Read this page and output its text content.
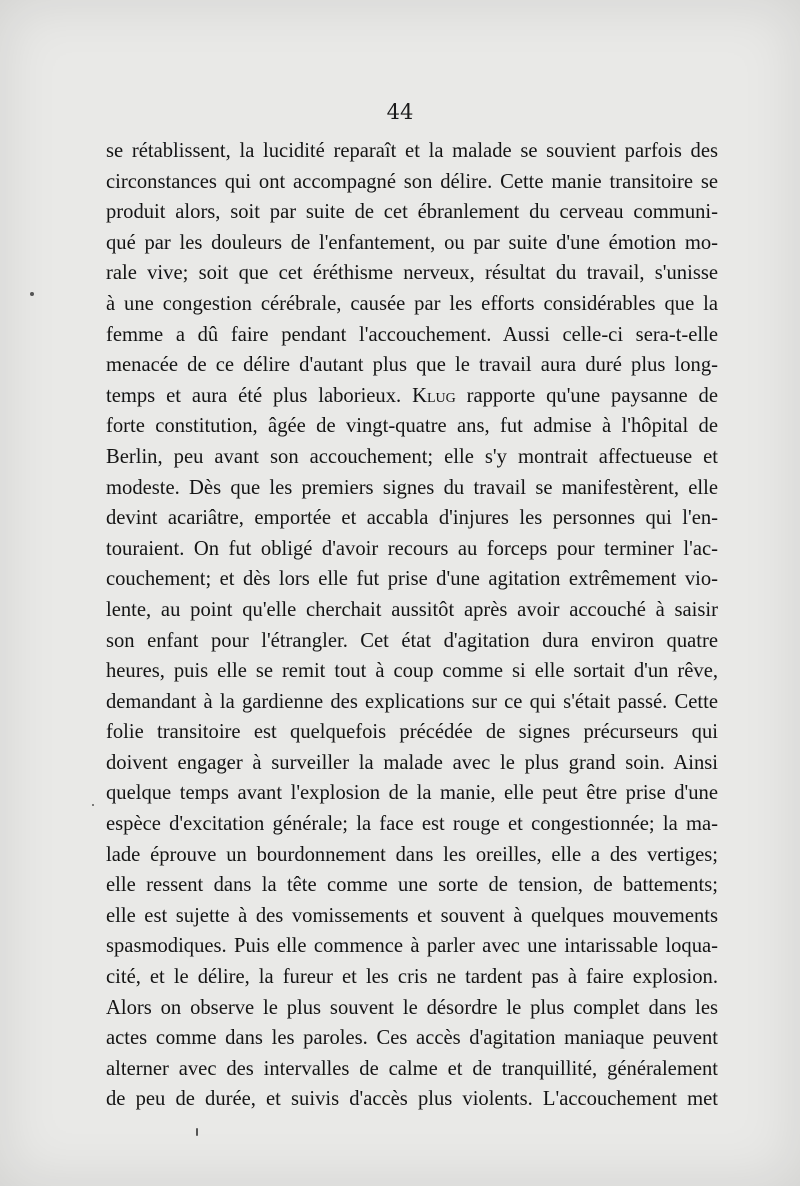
44
se rétablissent, la lucidité reparaît et la malade se souvient parfois des
circonstances qui ont accompagné son délire. Cette manie transitoire se
produit alors, soit par suite de cet ébranlement du cerveau communi-
qué par les douleurs de l'enfantement, ou par suite d'une émotion mo-
rale vive; soit que cet éréthisme nerveux, résultat du travail, s'unisse
à une congestion cérébrale, causée par les efforts considérables que la
femme a dû faire pendant l'accouchement. Aussi celle-ci sera-t-elle
menacée de ce délire d'autant plus que le travail aura duré plus long-
temps et aura été plus laborieux. Klug rapporte qu'une paysanne de
forte constitution, âgée de vingt-quatre ans, fut admise à l'hôpital de
Berlin, peu avant son accouchement; elle s'y montrait affectueuse et
modeste. Dès que les premiers signes du travail se manifestèrent, elle
devint acariâtre, emportée et accabla d'injures les personnes qui l'en-
touraient. On fut obligé d'avoir recours au forceps pour terminer l'ac-
couchement; et dès lors elle fut prise d'une agitation extrêmement vio-
lente, au point qu'elle cherchait aussitôt après avoir accouché à saisir
son enfant pour l'étrangler. Cet état d'agitation dura environ quatre
heures, puis elle se remit tout à coup comme si elle sortait d'un rêve,
demandant à la gardienne des explications sur ce qui s'était passé. Cette
folie transitoire est quelquefois précédée de signes précurseurs qui
doivent engager à surveiller la malade avec le plus grand soin. Ainsi
quelque temps avant l'explosion de la manie, elle peut être prise d'une
espèce d'excitation générale; la face est rouge et congestionnée; la ma-
lade éprouve un bourdonnement dans les oreilles, elle a des vertiges;
elle ressent dans la tête comme une sorte de tension, de battements;
elle est sujette à des vomissements et souvent à quelques mouvements
spasmodiques. Puis elle commence à parler avec une intarissable loqua-
cité, et le délire, la fureur et les cris ne tardent pas à faire explosion.
Alors on observe le plus souvent le désordre le plus complet dans les
actes comme dans les paroles. Ces accès d'agitation maniaque peuvent
alterner avec des intervalles de calme et de tranquillité, généralement
de peu de durée, et suivis d'accès plus violents. L'accouchement met
